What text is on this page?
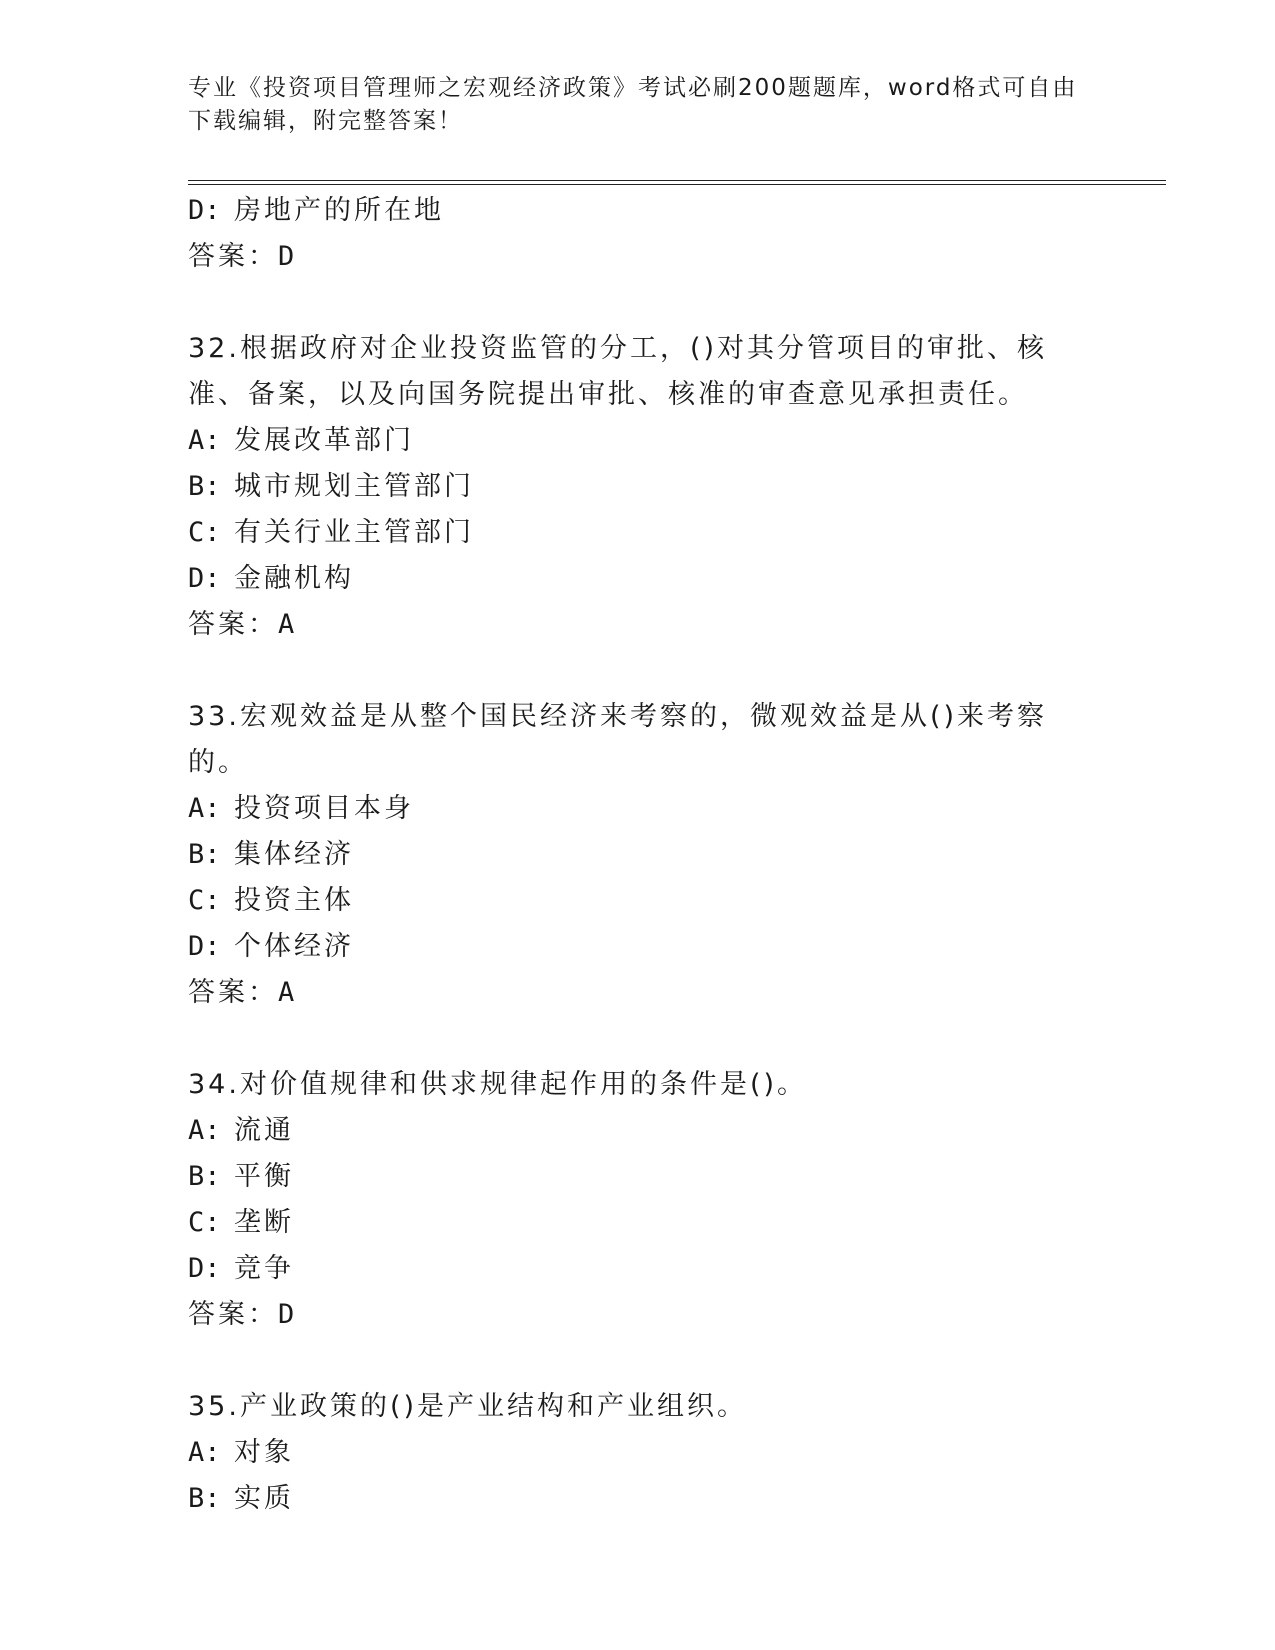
专业《投资项目管理师之宏观经济政策》考试必刷200题题库，word格式可自由下载编辑，附完整答案！
D: 房地产的所在地
答案：D
32.根据政府对企业投资监管的分工，()对其分管项目的审批、核准、备案，以及向国务院提出审批、核准的审查意见承担责任。
A: 发展改革部门
B: 城市规划主管部门
C: 有关行业主管部门
D: 金融机构
答案：A
33.宏观效益是从整个国民经济来考察的，微观效益是从()来考察的。
A: 投资项目本身
B: 集体经济
C: 投资主体
D: 个体经济
答案：A
34.对价值规律和供求规律起作用的条件是()。
A: 流通
B: 平衡
C: 垄断
D: 竞争
答案：D
35.产业政策的()是产业结构和产业组织。
A: 对象
B: 实质
